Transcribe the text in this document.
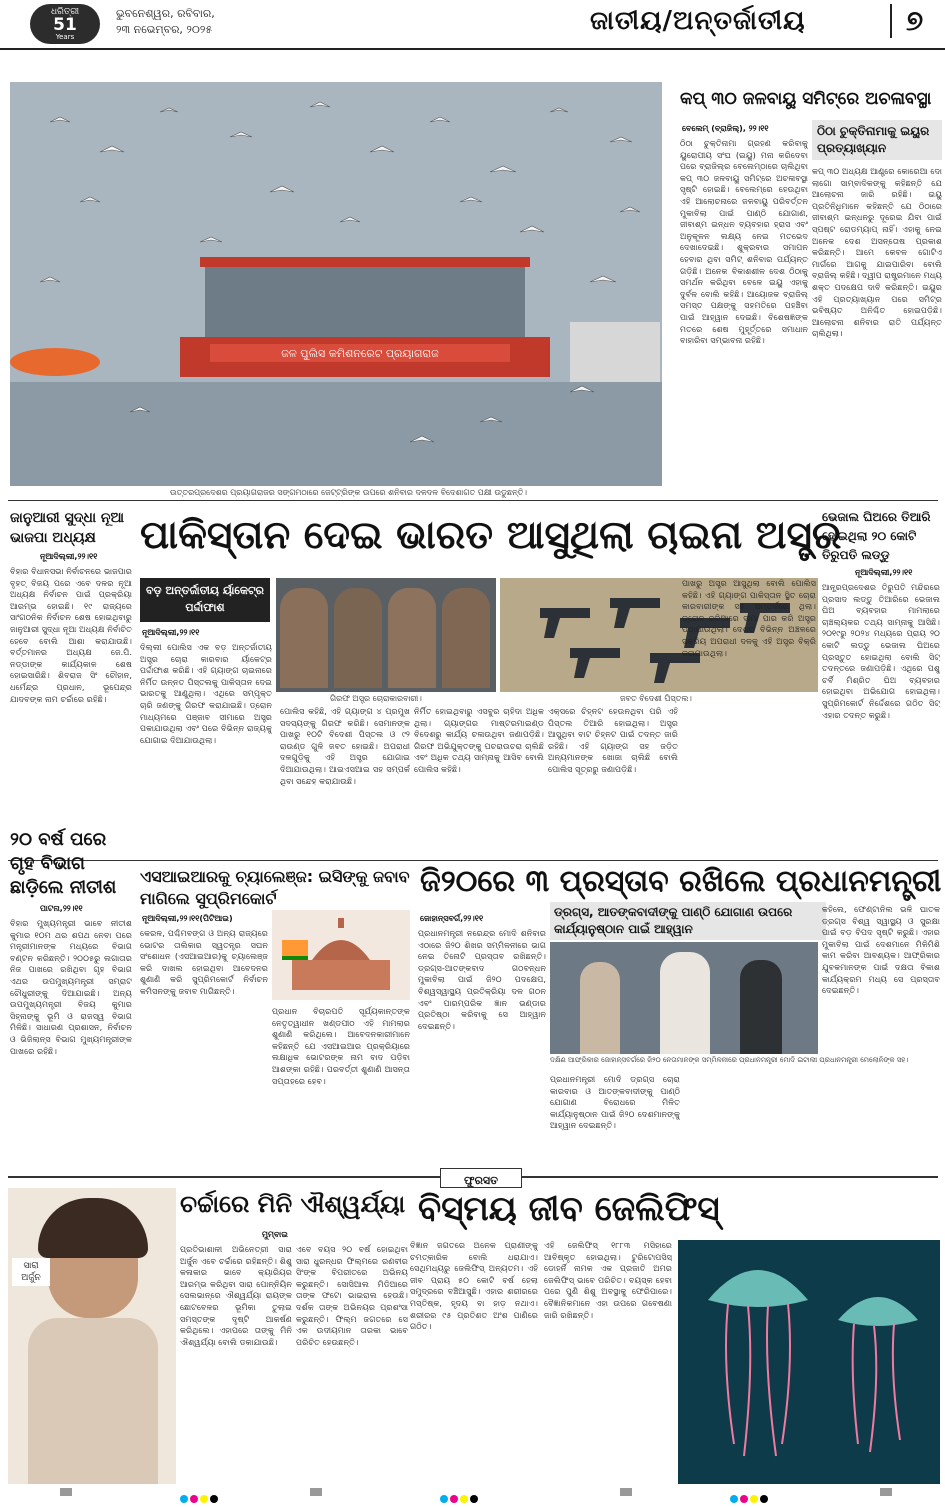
ଧରିତ୍ରୀ
51
Years
ଭୁବନେଶ୍ୱର, ରବିବାର,
୨୩ ନଭେମ୍ବର, ୨୦୨୫	ଜାତୀୟ/ଅନ୍ତର୍ଜାତୀୟ	୭
ଜଳ ପୁଲିସ କମିଶନରେଟ ପ୍ରୟାଗରାଜ
ଉତ୍ତରପ୍ରଦେଶର ପ୍ରୟାଗରାଜର ସଙ୍ଗମଠାରେ ଜେଟ୍‌ଟ୍ରିଙ୍କ ଉପରେ ଶନିବାର ଦଳଦଳ ବିଦେଶାଗତ ପକ୍ଷୀ ଉଡୁଛନ୍ତି।
କପ୍ ୩୦ ଜଳବାୟୁ ସମିଟ୍‌ରେ ଅଚଳାବସ୍ଥା
ବେଲେମ୍ (ବ୍ରାଜିଲ୍), ୨୨।୧୧
ଠିଠା ଚୁକ୍ତିନାମା ଗ୍ରହଣ କରିବାକୁ ୟୁରୋପୀୟ ସଂଘ (ଇୟୁ) ମନା କରିଦେବା ପରେ ବ୍ରାଜିଲ୍‌ର ବେଲେମ୍‌ଠାରେ ଚାଲିଥିବା କପ୍ ୩୦ ଜଳବାୟୁ ସମିଟ୍‌ରେ ଅଚଳାବସ୍ଥା ସୃଷ୍ଟି ହୋଇଛି। ବେଲେମ୍‌ରେ ହେଉଥିବା ଏହି ଆଲୋଚନାରେ ଜଳବାୟୁ ପରିବର୍ତ୍ତନ ମୁକାବିଲା ପାଇଁ ପାଣ୍ଠି ଯୋଗାଣ, ଜୀବାଶ୍ମ ଇନ୍ଧନ ବ୍ୟବହାର ହ୍ରାସ ଏବଂ ଅନୁକୂଳନ ଲକ୍ଷ୍ୟ ନେଇ ମତଭେଦ ଦେଖାଦେଇଛି। ଶୁକ୍ରବାର ସମାପନ ହେବାର ଥିବା ସମିଟ୍ ଶନିବାର ପର୍ଯ୍ୟନ୍ତ ଗଡ଼ିଛି। ଅନେକ ବିକାଶଶୀଳ ଦେଶ ଠିଠାକୁ ସମର୍ଥନ କରିଥିବା ବେଳେ ଇୟୁ ଏହାକୁ ଦୁର୍ବଳ ବୋଲି କହିଛି। ଆୟୋଜକ ବ୍ରାଜିଲ୍ ସମସ୍ତ ପକ୍ଷଙ୍କୁ ସହମତିରେ ପହଞ୍ଚିବା ପାଇଁ ଆହ୍ୱାନ ଦେଇଛି। ବିଶେଷଜ୍ଞଙ୍କ ମତରେ ଶେଷ ମୁହୂର୍ତ୍ତରେ ସମାଧାନ ବାହାରିବା ସମ୍ଭାବନା ରହିଛି।
ଠିଠା ଚୁକ୍ତିନାମାକୁ ଇୟୁର ପ୍ରତ୍ୟାଖ୍ୟାନ
କପ୍ ୩୦ ଅଧ୍ୟକ୍ଷ ଆଣ୍ଡ୍ରେ କୋରେଆ ଦୋ ଲାଗୋ ସାମ୍ବାଦିକଙ୍କୁ କହିଛନ୍ତି ଯେ ଆଲୋଚନା ଜାରି ରହିଛି। ଇୟୁ ପ୍ରତିନିଧିମାନେ କହିଛନ୍ତି ଯେ ଠିଠାରେ ଜୀବାଶ୍ମ ଇନ୍ଧନରୁ ଦୂରେଇ ଯିବା ପାଇଁ ସ୍ପଷ୍ଟ ରୋଡମ୍ୟାପ୍ ନାହିଁ। ଏହାକୁ ନେଇ ଅନେକ ଦେଶ ଅସନ୍ତୋଷ ପ୍ରକାଶ କରିଛନ୍ତି। ଆମେ କେବଳ ଗୋଟିଏ ମାର୍ଗରେ ଆଗକୁ ଯାଇପାରିବା ବୋଲି ବ୍ରାଜିଲ୍ କହିଛି। ଦ୍ୱୀପ ରାଷ୍ଟ୍ରମାନେ ମଧ୍ୟ ଶକ୍ତ ପଦକ୍ଷେପ ଦାବି କରିଛନ୍ତି। ଇୟୁର ଏହି ପ୍ରତ୍ୟାଖ୍ୟାନ ପରେ ସମିଟ୍‌ର ଭବିଷ୍ୟତ ଅନିଶ୍ଚିତ ହୋଇପଡ଼ିଛି। ଆଲୋଚନା ଶନିବାର ରାତି ପର୍ଯ୍ୟନ୍ତ ଚାଲିଥିଲା।
ଜାନୁଆରୀ ସୁଦ୍ଧା ନୂଆ ଭାଜପା ଅଧ୍ୟକ୍ଷ
ନୂଆଦିଲ୍ଲୀ,୨୨।୧୧
ବିହାର ବିଧାନସଭା ନିର୍ବାଚନରେ ଭାଜପାର ବୃହତ୍ ବିଜୟ ପରେ ଏବେ ଦଳର ନୂଆ ଅଧ୍ୟକ୍ଷ ନିର୍ବାଚନ ପାଇଁ ପ୍ରକ୍ରିୟା ଆରମ୍ଭ ହୋଇଛି। ୧୯ ରାଜ୍ୟରେ ସାଂଗଠନିକ ନିର୍ବାଚନ ଶେଷ ହୋଇଥିବାରୁ ଜାନୁଆରୀ ସୁଦ୍ଧା ନୂଆ ଅଧ୍ୟକ୍ଷ ନିର୍ବାଚିତ ହେବେ ବୋଲି ଆଶା କରାଯାଉଛି। ବର୍ତ୍ତମାନର ଅଧ୍ୟକ୍ଷ ଜେ.ପି. ନଡ୍ଡାଙ୍କ କାର୍ଯ୍ୟକାଳ ଶେଷ ହୋଇସାରିଛି। ଶିବରାଜ ସିଂ ଚୌହାନ, ଧର୍ମେନ୍ଦ୍ର ପ୍ରଧାନ, ଭୂପେନ୍ଦ୍ର ଯାଦବଙ୍କ ନାମ ଚର୍ଚ୍ଚାରେ ରହିଛି।
ପାକିସ୍ତାନ ଦେଇ ଭାରତ ଆସୁଥିଲା ଚାଇନା ଅସ୍ତ୍ର
ବଡ଼ ଅନ୍ତର୍ଜାତୀୟ ର୍ୟାକେଟ୍‌ର ପର୍ଦ୍ଦାଫାଶ
ନୂଆଦିଲ୍ଲୀ,୨୨।୧୧
ଦିଲ୍ଲୀ ପୋଲିସ ଏକ ବଡ଼ ଅନ୍ତର୍ଜାତୀୟ ଅସ୍ତ୍ର ଚୋରା କାରବାର ର୍ୟାକେଟ୍‌ର ପର୍ଦ୍ଦାଫାଶ କରିଛି। ଏହି ଗ୍ୟାଙ୍ଗ ଚାଇନାରେ ନିର୍ମିତ ଉନ୍ନତ ପିସ୍ତଲକୁ ପାକିସ୍ତାନ ଦେଇ ଭାରତକୁ ଆଣୁଥିଲା। ଏଥିରେ ସମ୍ପୃକ୍ତ ଚାରି ଜଣଙ୍କୁ ଗିରଫ କରାଯାଇଛି। ଡ୍ରୋନ ମାଧ୍ୟମରେ ପଞ୍ଜାବ ସୀମାରେ ଅସ୍ତ୍ର ପକାଯାଉଥିଲା ଏବଂ ପରେ ବିଭିନ୍ନ ରାଜ୍ୟକୁ ଯୋଗାଇ ଦିଆଯାଉଥିଲା।
ଗିରଫ ଅସ୍ତ୍ର ଚୋରାକାରବାରୀ।	ଜବତ ବିଦେଶୀ ପିସ୍ତଲ।
ପୋଲିସ କହିଛି, ଏହି ଗ୍ୟାଙ୍ଗ ୪ ପ୍ରମୁଖ ସଦସ୍ୟଙ୍କୁ ଗିରଫ କରିଛି। ସେମାନଙ୍କ ପାଖରୁ ୧୦ଟି ବିଦେଶୀ ପିସ୍ତଲ ଓ ୯୨ ରାଉଣ୍ଡ ଗୁଳି ଜବତ ହୋଇଛି। ଅପରାଧୀ ଦଳଗୁଡ଼ିକୁ ଏହି ଅସ୍ତ୍ର ଯୋଗାଇ ଦିଆଯାଉଥିଲା। ଆଇଏସଆଇ ସହ ସମ୍ପର୍କ ଥିବା ସନ୍ଦେହ କରାଯାଉଛି।
ନିର୍ମିତ ହୋଇଥିବାରୁ ଏସବୁର ଚାହିଦା ଅଧିକ ଥିଲା। ଗ୍ୟାଙ୍ଗର ମାଷ୍ଟରମାଇଣ୍ଡ ବିଦେଶରୁ କାର୍ଯ୍ୟ ଚଳାଉଥିବା ଜଣାପଡ଼ିଛି। ଗିରଫ ଅଭିଯୁକ୍ତଙ୍କୁ ପଚରାଉଚରା ଚାଲିଛି ଏବଂ ଅଧିକ ତଥ୍ୟ ସାମ୍ନାକୁ ଆସିବ ବୋଲି ପୋଲିସ କହିଛି।
ଏକ୍ସରେ ଚିହ୍ନଟ ହେଉନଥିବା ପରି ଏହି ପିସ୍ତଲ ତିଆରି ହୋଇଥିଲା। ଅସ୍ତ୍ର ଆସୁଥିବା ବାଟ ଚିହ୍ନଟ ପାଇଁ ତଦନ୍ତ ଜାରି ରହିଛି। ଏହି ଗ୍ୟାଙ୍ଗ ସହ ଜଡ଼ିତ ଅନ୍ୟମାନଙ୍କ ଖୋଜା ଚାଲିଛି ବୋଲି ପୋଲିସ ସୂତ୍ରରୁ ଜଣାପଡ଼ିଛି।
ପାଖରୁ ଅସ୍ତ୍ର ଆସୁଥିଲା ବୋଲି ପୋଲିସ କହିଛି। ଏହି ଗ୍ୟାଙ୍ଗ ପାକିସ୍ତାନ ସ୍ଥିତ ଚୋରା କାରବାରୀଙ୍କ ସହ ସମ୍ପର୍କରେ ଥିଲା। ଡ୍ରୋନ ଜରିଆରେ ସୀମା ପାର କରି ଅସ୍ତ୍ର ପଠାଯାଉଥିଲା। ଦେଶର ବିଭିନ୍ନ ଅଞ୍ଚଳରେ ସକ୍ରିୟ ଅପରାଧୀ ଦଳକୁ ଏହି ଅସ୍ତ୍ର ବିକ୍ରି କରାଯାଉଥିଲା।
ଭେଜାଲ ଘିଅରେ ତିଆରି ହୋଇଥିଲା ୨୦ କୋଟି ତିରୁପତି ଲଡ୍ଡୁ
ନୂଆଦିଲ୍ଲୀ,୨୨।୧୧
ଆନ୍ଧ୍ରପ୍ରଦେଶର ତିରୁପତି ମନ୍ଦିରରେ ପ୍ରସାଦ ଲଡ୍ଡୁ ତିଆରିରେ ଭେଜାଲ ଘିଅ ବ୍ୟବହାର ମାମଲାରେ ଚାଞ୍ଚଲ୍ୟକର ତଥ୍ୟ ସାମ୍ନାକୁ ଆସିଛି। ୨୦୧୯ରୁ ୨୦୨୪ ମଧ୍ୟରେ ପ୍ରାୟ ୨୦ କୋଟି ଲଡ୍ଡୁ ଭେଜାଲ ଘିଅରେ ପ୍ରସ୍ତୁତ ହୋଇଥିଲା ବୋଲି ସିଟ୍ ତଦନ୍ତରେ ଜଣାପଡ଼ିଛି। ଏଥିରେ ପଶୁ ଚର୍ବି ମିଶ୍ରିତ ଘିଅ ବ୍ୟବହାର ହୋଇଥିବା ଅଭିଯୋଗ ହୋଇଥିଲା। ସୁପ୍ରିମକୋର୍ଟ ନିର୍ଦ୍ଦେଶରେ ଗଠିତ ସିଟ୍ ଏହାର ତଦନ୍ତ କରୁଛି।
୨୦ ବର୍ଷ ପରେ ଗୃହ ବିଭାଗ ଛାଡ଼ିଲେ ନୀତୀଶ
ପାଟନା,୨୨।୧୧
ବିହାର ମୁଖ୍ୟମନ୍ତ୍ରୀ ଭାବେ ନୀତୀଶ କୁମାର ୧୦ମ ଥର ଶପଥ ନେବା ପରେ ମନ୍ତ୍ରୀମାନଙ୍କ ମଧ୍ୟରେ ବିଭାଗ ବଣ୍ଟନ କରିଛନ୍ତି। ୨୦୦୫ରୁ ଲଗାତାର ନିଜ ପାଖରେ ରଖିଥିବା ଗୃହ ବିଭାଗ ଏଥର ଉପମୁଖ୍ୟମନ୍ତ୍ରୀ ସମ୍ରାଟ ଚୌଧୁରୀଙ୍କୁ ଦିଆଯାଇଛି। ଅନ୍ୟ ଉପମୁଖ୍ୟମନ୍ତ୍ରୀ ବିଜୟ କୁମାର ସିହ୍ନାଙ୍କୁ ଭୂମି ଓ ରାଜସ୍ୱ ବିଭାଗ ମିଳିଛି। ସାଧାରଣ ପ୍ରଶାସନ, ନିର୍ବାଚନ ଓ ଭିଜିଲାନ୍ସ ବିଭାଗ ମୁଖ୍ୟମନ୍ତ୍ରୀଙ୍କ ପାଖରେ ରହିଛି।
ଏସଆଇଆରକୁ ଚ୍ୟାଲେଞ୍ଜ: ଇସିଙ୍କୁ ଜବାବ ମାଗିଲେ ସୁପ୍ରିମକୋର୍ଟ
ନୂଆଦିଲ୍ଲୀ,୨୨।୧୧(ପିଟିଆଇ)
କେରଳ, ପଶ୍ଚିମବଙ୍ଗ ଓ ଅନ୍ୟ ରାଜ୍ୟରେ ଭୋଟର ତାଲିକାର ସ୍ୱତନ୍ତ୍ର ସଘନ ସଂଶୋଧନ (ଏସଆଇଆର)କୁ ଚ୍ୟାଲେଞ୍ଜ କରି ଦାଖଲ ହୋଇଥିବା ଆବେଦନର ଶୁଣାଣି କରି ସୁପ୍ରିମକୋର୍ଟ ନିର୍ବାଚନ କମିସନଙ୍କୁ ଜବାବ ମାଗିଛନ୍ତି।
ପ୍ରଧାନ ବିଚାରପତି ସୂର୍ଯ୍ୟକାନ୍ତଙ୍କ ନେତୃତ୍ୱାଧୀନ ଖଣ୍ଡପୀଠ ଏହି ମାମଲାର ଶୁଣାଣି କରିଥିଲେ। ଆବେଦନକାରୀମାନେ କହିଛନ୍ତି ଯେ ଏସଆଇଆର ପ୍ରକ୍ରିୟାରେ ଲକ୍ଷାଧିକ ଭୋଟରଙ୍କ ନାମ ବାଦ ପଡ଼ିବା ଆଶଙ୍କା ରହିଛି। ପରବର୍ତ୍ତୀ ଶୁଣାଣି ଆସନ୍ତା ସପ୍ତାହରେ ହେବ।
ଜି୨୦ରେ ୩ ପ୍ରସ୍ତାବ ରଖିଲେ ପ୍ରଧାନମନ୍ତ୍ରୀ
ଜୋହାନ୍ସବର୍ଗ,୨୨।୧୧
ପ୍ରଧାନମନ୍ତ୍ରୀ ନରେନ୍ଦ୍ର ମୋଦି ଶନିବାର ଏଠାରେ ଜି୨୦ ଶିଖର ସମ୍ମିଳନୀରେ ଭାଗ ନେଇ ତିନୋଟି ପ୍ରସ୍ତାବ ରଖିଛନ୍ତି। ଡ୍ରଗ୍ସ-ଆତଙ୍କବାଦ ଗଠବନ୍ଧନ ମୁକାବିଲା ପାଇଁ ଜି୨୦ ପଦକ୍ଷେପ, ବିଶ୍ୱସ୍ୱାସ୍ଥ୍ୟ ପ୍ରତିକ୍ରିୟା ଦଳ ଗଠନ ଏବଂ ପାରମ୍ପରିକ ଜ୍ଞାନ ଭଣ୍ଡାର ପ୍ରତିଷ୍ଠା କରିବାକୁ ସେ ଆହ୍ୱାନ ଦେଇଛନ୍ତି।
ଡ୍ରଗ୍ସ, ଆତଙ୍କବାଦୀଙ୍କୁ ପାଣ୍ଠି ଯୋଗାଣ ଉପରେ କାର୍ଯ୍ୟାନୁଷ୍ଠାନ ପାଇଁ ଆହ୍ୱାନ
ଦକ୍ଷିଣ ଆଫ୍ରିକାର ଜୋହାନ୍ସବର୍ଗରେ ଜି୨୦ ନେତାମାନଙ୍କ ସମ୍ମିଳନୀରେ ପ୍ରଧାନମନ୍ତ୍ରୀ ମୋଦି ଇଟାଲୀ ପ୍ରଧାନମନ୍ତ୍ରୀ ମେଲୋନିଙ୍କ ସହ।
ପ୍ରଧାନମନ୍ତ୍ରୀ ମୋଦି ଡ୍ରଗ୍ସ ଚୋରା କାରବାର ଓ ଆତଙ୍କବାଦୀଙ୍କୁ ପାଣ୍ଠି ଯୋଗାଣ ବିରୋଧରେ ମିଳିତ କାର୍ଯ୍ୟାନୁଷ୍ଠାନ ପାଇଁ ଜି୨୦ ଦେଶମାନଙ୍କୁ ଆହ୍ୱାନ ଦେଇଛନ୍ତି।
କହିଲେ, ଫେଣ୍ଟାନିଲ ଭଳି ଘାତକ ଡ୍ରଗ୍ସ ବିଶ୍ୱ ସ୍ୱାସ୍ଥ୍ୟ ଓ ସୁରକ୍ଷା ପାଇଁ ବଡ଼ ବିପଦ ସୃଷ୍ଟି କରୁଛି। ଏହାର ମୁକାବିଲା ପାଇଁ ଦେଶମାନେ ମିଳିମିଶି କାମ କରିବା ଆବଶ୍ୟକ। ଆଫ୍ରିକାର ଯୁବକମାନଙ୍କ ପାଇଁ ଦକ୍ଷତା ବିକାଶ କାର୍ଯ୍ୟକ୍ରମ ମଧ୍ୟ ସେ ପ୍ରସ୍ତାବ ଦେଇଛନ୍ତି।
ଫୁରସତ
ସାରା ଅର୍ଜୁନ
ଚର୍ଚ୍ଚାରେ ମିନି ଐଶ୍ୱର୍ଯ୍ୟା
ମୁମ୍ବାଇ
ପ୍ରତିଭାଶାଳୀ ଅଭିନେତ୍ରୀ ସାରା ଅର୍ଜୁନ ଏବେ ଚର୍ଚ୍ଚାରେ ରହିଛନ୍ତି। ଶିଶୁ କଳାକାର ଭାବେ କ୍ୟାରିୟର ଆରମ୍ଭ କରିଥିବା ସାରା ପୋନ୍ନିୟିନ ସେଲଭାନ୍‌ରେ ଐଶ୍ୱର୍ଯ୍ୟା ରାୟଙ୍କ ଛୋଟବେଳର ଭୂମିକା ତୁଲାଇ ସମସ୍ତଙ୍କ ଦୃଷ୍ଟି ଆକର୍ଷଣ କରିଥିଲେ। ଏହାପରେ ତାଙ୍କୁ ମିନି ଐଶ୍ୱର୍ଯ୍ୟା ବୋଲି ଡକାଯାଉଛି।
ଏବେ ବୟସ ୨୦ ବର୍ଷ ହୋଇଥିବା ସାରା ଧୁରନ୍ଧର ଫିଲ୍ମରେ ରଣବୀର ସିଂଙ୍କ ବିପରୀତରେ ଅଭିନୟ କରୁଛନ୍ତି। ସୋସିଆଲ ମିଡିଆରେ ତାଙ୍କ ଫଟୋ ଭାଇରାଲ ହେଉଛି। ଦର୍ଶକ ତାଙ୍କ ଅଭିନୟର ପ୍ରଶଂସା କରୁଛନ୍ତି। ଫିଲ୍ମ ଜଗତରେ ସେ ଏକ ଉଦୀୟମାନ ତାରକା ଭାବେ ପରିଚିତ ହେଉଛନ୍ତି।
ବିସ୍ମୟ ଜୀବ ଜେଲିଫିସ୍
ବିଜ୍ଞାନ ଜଗତରେ ଅନେକ ପ୍ରାଣୀଙ୍କୁ ଚମତ୍କାରିକ ବୋଲି ଧରାଯାଏ। ସେଥିମଧ୍ୟରୁ ଜେଲିଫିସ୍ ଅନ୍ୟତମ। ଏହି ଜୀବ ପ୍ରାୟ ୫୦ କୋଟି ବର୍ଷ ହେଲା ସମୁଦ୍ରରେ ବଞ୍ଚିଆସୁଛି। ଏହାର ଶରୀରରେ ମସ୍ତିଷ୍କ, ହୃଦୟ ବା ହାଡ଼ ନଥାଏ। ଶରୀରର ୯୫ ପ୍ରତିଶତ ଅଂଶ ପାଣିରେ ଗଠିତ।
ଏହି ଜେଲିଫିସ୍ ୧୮୮୩ ମସିହାରେ ଆବିଷ୍କୃତ ହୋଇଥିଲା। ଟୁରିଟୋପସିସ୍ ଡୋହର୍ନି ନାମକ ଏକ ପ୍ରଜାତି ଅମର ଜେଲିଫିସ୍ ଭାବେ ପରିଚିତ। ବୟସ୍କ ହେବା ପରେ ପୁଣି ଶିଶୁ ଅବସ୍ଥାକୁ ଫେରିପାରେ। ବୈଜ୍ଞାନିକମାନେ ଏହା ଉପରେ ଗବେଷଣା ଜାରି ରଖିଛନ୍ତି।
